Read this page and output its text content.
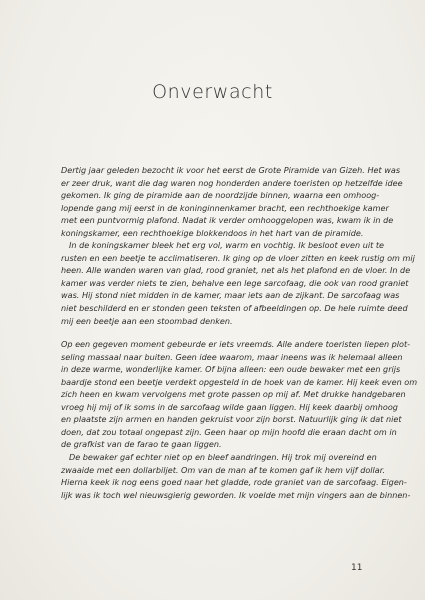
Onverwacht
Dertig jaar geleden bezocht ik voor het eerst de Grote Piramide van Gizeh. Het was
er zeer druk, want die dag waren nog honderden andere toeristen op hetzelfde idee
gekomen. Ik ging de piramide aan de noordzijde binnen, waarna een omhoog-
lopende gang mij eerst in de koninginnenkamer bracht, een rechthoekige kamer
met een puntvormig plafond. Nadat ik verder omhooggelopen was, kwam ik in de
koningskamer, een rechthoekige blokkendoos in het hart van de piramide.
In de koningskamer bleek het erg vol, warm en vochtig. Ik besloot even uit te
rusten en een beetje te acclimatiseren. Ik ging op de vloer zitten en keek rustig om mij
heen. Alle wanden waren van glad, rood graniet, net als het plafond en de vloer. In de
kamer was verder niets te zien, behalve een lege sarcofaag, die ook van rood graniet
was. Hij stond niet midden in de kamer, maar iets aan de zijkant. De sarcofaag was
niet beschilderd en er stonden geen teksten of afbeeldingen op. De hele ruimte deed
mij een beetje aan een stoombad denken.
Op een gegeven moment gebeurde er iets vreemds. Alle andere toeristen liepen plot-
seling massaal naar buiten. Geen idee waarom, maar ineens was ik helemaal alleen
in deze warme, wonderlijke kamer. Of bijna alleen: een oude bewaker met een grijs
baardje stond een beetje verdekt opgesteld in de hoek van de kamer. Hij keek even om
zich heen en kwam vervolgens met grote passen op mij af. Met drukke handgebaren
vroeg hij mij of ik soms in de sarcofaag wilde gaan liggen. Hij keek daarbij omhoog
en plaatste zijn armen en handen gekruist voor zijn borst. Natuurlijk ging ik dat niet
doen, dat zou totaal ongepast zijn. Geen haar op mijn hoofd die eraan dacht om in
de grafkist van de farao te gaan liggen.
De bewaker gaf echter niet op en bleef aandringen. Hij trok mij overeind en
zwaaide met een dollarbiljet. Om van de man af te komen gaf ik hem vijf dollar.
Hierna keek ik nog eens goed naar het gladde, rode graniet van de sarcofaag. Eigen-
lijk was ik toch wel nieuwsgierig geworden. Ik voelde met mijn vingers aan de binnen-
11
